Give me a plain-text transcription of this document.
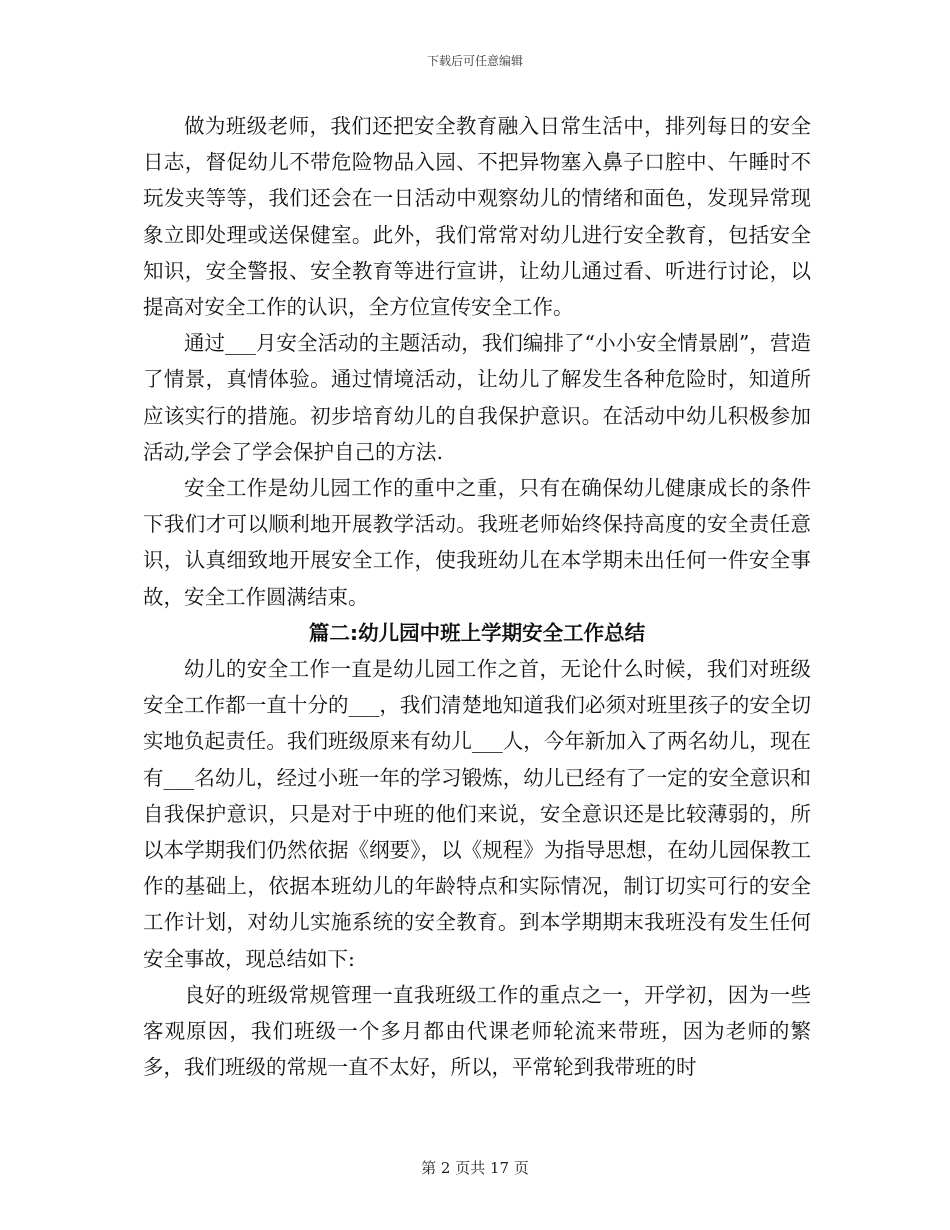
下载后可任意编辑

做为班级老师，我们还把安全教育融入日常生活中，排列每日的安全日志，督促幼儿不带危险物品入园、不把异物塞入鼻子口腔中、午睡时不玩发夹等等，我们还会在一日活动中观察幼儿的情绪和面色，发现异常现象立即处理或送保健室。此外，我们常常对幼儿进行安全教育，包括安全知识，安全警报、安全教育等进行宣讲，让幼儿通过看、听进行讨论，以提高对安全工作的认识，全方位宣传安全工作。

通过___月安全活动的主题活动，我们编排了“小小安全情景剧”，营造了情景，真情体验。通过情境活动，让幼儿了解发生各种危险时，知道所应该实行的措施。初步培育幼儿的自我保护意识。在活动中幼儿积极参加活动,学会了学会保护自己的方法.

安全工作是幼儿园工作的重中之重，只有在确保幼儿健康成长的条件下我们才可以顺利地开展教学活动。我班老师始终保持高度的安全责任意识，认真细致地开展安全工作，使我班幼儿在本学期未出任何一件安全事故，安全工作圆满结束。

篇二:幼儿园中班上学期安全工作总结

幼儿的安全工作一直是幼儿园工作之首，无论什么时候，我们对班级安全工作都一直十分的___，我们清楚地知道我们必须对班里孩子的安全切实地负起责任。我们班级原来有幼儿___人，今年新加入了两名幼儿，现在有___名幼儿，经过小班一年的学习锻炼，幼儿已经有了一定的安全意识和自我保护意识，只是对于中班的他们来说，安全意识还是比较薄弱的，所以本学期我们仍然依据《纲要》，以《规程》为指导思想，在幼儿园保教工作的基础上，依据本班幼儿的年龄特点和实际情况，制订切实可行的安全工作计划，对幼儿实施系统的安全教育。到本学期期末我班没有发生任何安全事故，现总结如下:

良好的班级常规管理一直我班级工作的重点之一，开学初，因为一些客观原因，我们班级一个多月都由代课老师轮流来带班，因为老师的繁多，我们班级的常规一直不太好，所以，平常轮到我带班的时

第 2 页共 17 页
